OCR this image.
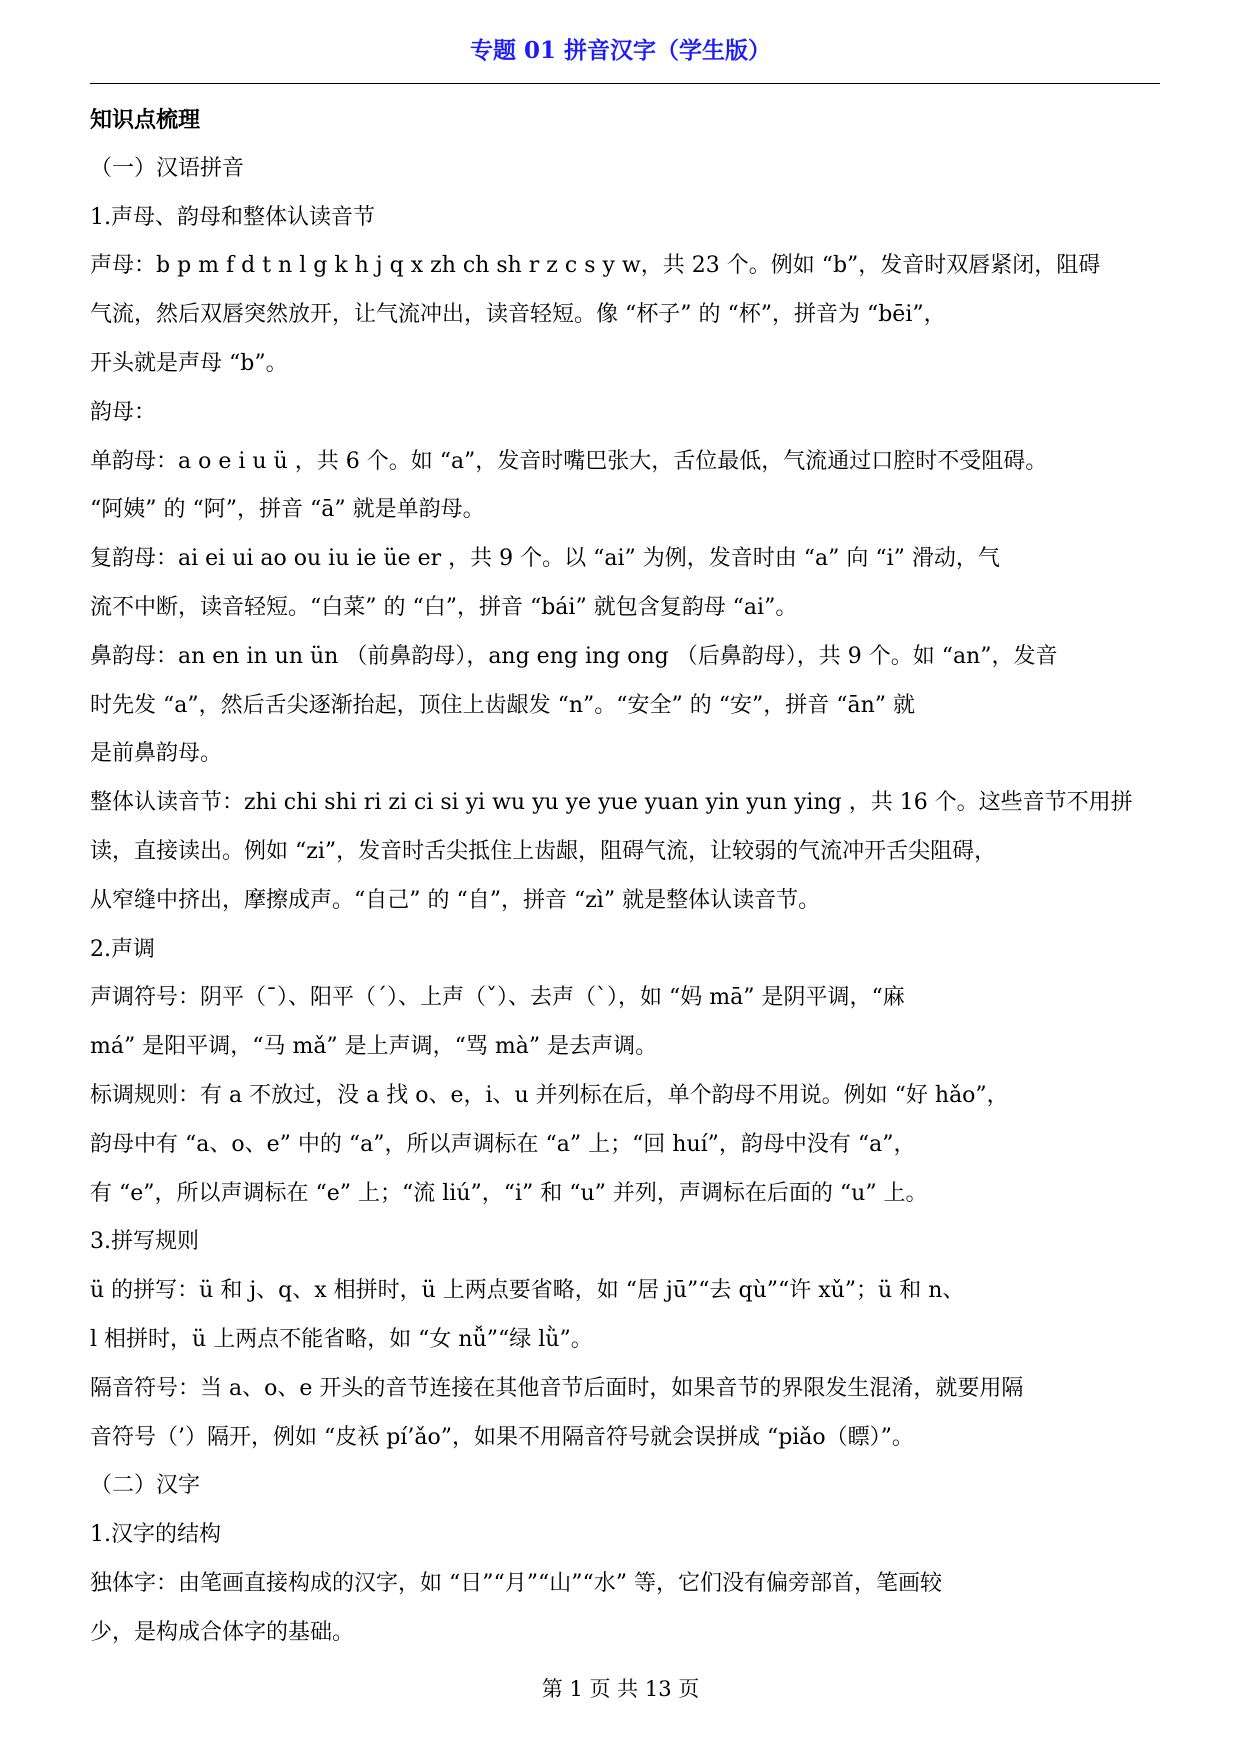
专题 01 拼音汉字（学生版）

知识点梳理

（一）汉语拼音

1.声母、韵母和整体认读音节

声母：b p m f d t n l g k h j q x zh ch sh r z c s y w，共 23 个。例如 “b”，发音时双唇紧闭，阻碍

气流，然后双唇突然放开，让气流冲出，读音轻短。像 “杯子” 的 “杯”，拼音为 “bēi”，

开头就是声母 “b”。

韵母：

单韵母：a o e i u ü ，共 6 个。如 “a”，发音时嘴巴张大，舌位最低，气流通过口腔时不受阻碍。

“阿姨” 的 “阿”，拼音 “ā” 就是单韵母。

复韵母：ai ei ui ao ou iu ie üe er ，共 9 个。以 “ai” 为例，发音时由 “a” 向 “i” 滑动，气

流不中断，读音轻短。“白菜” 的 “白”，拼音 “bái” 就包含复韵母 “ai”。

鼻韵母：an en in un ün （前鼻韵母），ang eng ing ong （后鼻韵母），共 9 个。如 “an”，发音

时先发 “a”，然后舌尖逐渐抬起，顶住上齿龈发 “n”。“安全” 的 “安”，拼音 “ān” 就

是前鼻韵母。

整体认读音节：zhi chi shi ri zi ci si yi wu yu ye yue yuan yin yun ying ，共 16 个。这些音节不用拼

读，直接读出。例如 “zi”，发音时舌尖抵住上齿龈，阻碍气流，让较弱的气流冲开舌尖阻碍，

从窄缝中挤出，摩擦成声。“自己” 的 “自”，拼音 “zì” 就是整体认读音节。

2.声调

声调符号：阴平（ˉ）、阳平（ˊ）、上声（ˇ）、去声（ˋ），如 “妈 mā” 是阴平调，“麻

má” 是阳平调，“马 mǎ” 是上声调，“骂 mà” 是去声调。

标调规则：有 a 不放过，没 a 找 o、e，i、u 并列标在后，单个韵母不用说。例如 “好 hǎo”，

韵母中有 “a、o、e” 中的 “a”，所以声调标在 “a” 上；“回 huí”，韵母中没有 “a”，

有 “e”，所以声调标在 “e” 上；“流 liú”，“i” 和 “u” 并列，声调标在后面的 “u” 上。

3.拼写规则

ü 的拼写：ü 和 j、q、x 相拼时，ü 上两点要省略，如 “居 jū”“去 qù”“许 xǔ”；ü 和 n、

l 相拼时，ü 上两点不能省略，如 “女 nǚ”“绿 lǜ”。

隔音符号：当 a、o、e 开头的音节连接在其他音节后面时，如果音节的界限发生混淆，就要用隔

音符号（’）隔开，例如 “皮袄 pí’ǎo”，如果不用隔音符号就会误拼成 “piǎo（瞟）”。

（二）汉字

1.汉字的结构

独体字：由笔画直接构成的汉字，如 “日”“月”“山”“水” 等，它们没有偏旁部首，笔画较

少，是构成合体字的基础。

第 1 页 共 13 页
